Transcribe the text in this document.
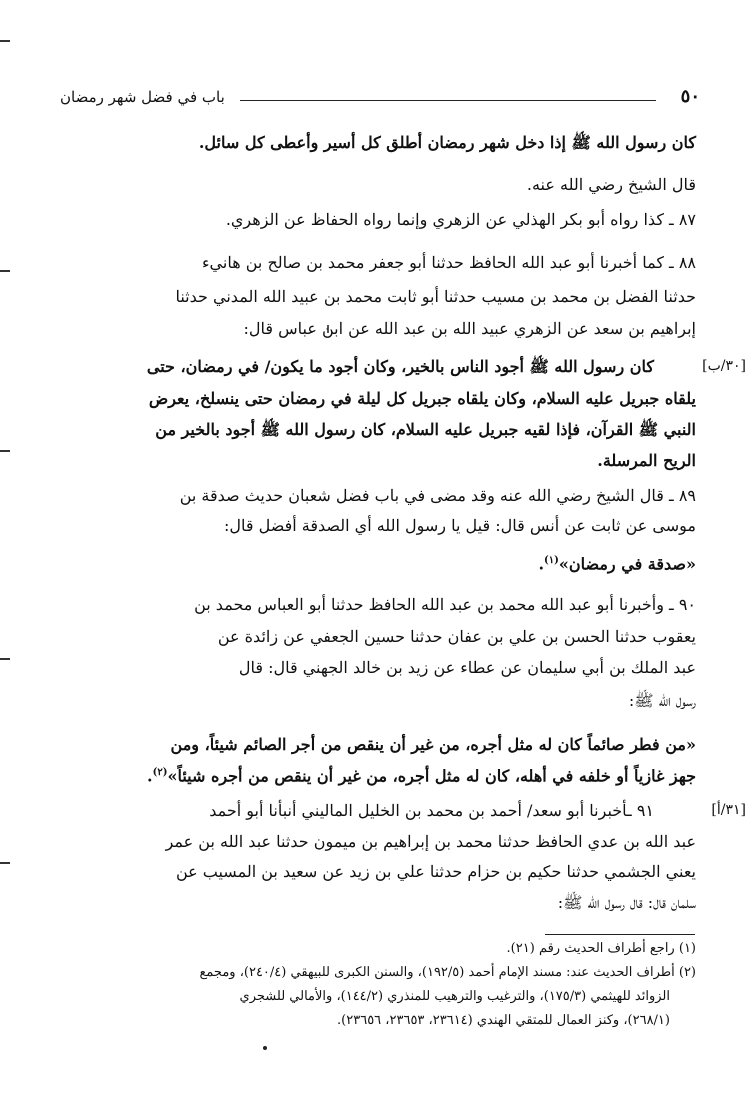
باب في فضل شهر رمضان	٥٠
كان رسول الله ﷺ إذا دخل شهر رمضان أطلق كل أسير وأعطى كل سائل.
قال الشيخ رضي الله عنه.
٨٧ ـ كذا رواه أبو بكر الهذلي عن الزهري وإنما رواه الحفاظ عن الزهري.
٨٨ ـ كما أخبرنا أبو عبد الله الحافظ حدثنا أبو جعفر محمد بن صالح بن هانيء
حدثنا الفضل بن محمد بن مسيب حدثنا أبو ثابت محمد بن عبيد الله المدني حدثنا
إبراهيم بن سعد عن الزهري عبيد الله بن عبد الله عن ابن عباس قال:
[٣٠/ب]
كان رسول الله ﷺ أجود الناس بالخير، وكان أجود ما يكون/ في رمضان، حتى
يلقاه جبريل عليه السلام، وكان يلقاه جبريل كل ليلة في رمضان حتى ينسلخ، يعرض
النبي ﷺ القرآن، فإذا لقيه جبريل عليه السلام، كان رسول الله ﷺ أجود بالخير من
الريح المرسلة.
٨٩ ـ قال الشيخ رضي الله عنه وقد مضى في باب فضل شعبان حديث صدقة بن
موسى عن ثابت عن أنس قال: قيل يا رسول الله أي الصدقة أفضل قال:
«صدقة في رمضان»$^{(١)}$.
٩٠ ـ وأخبرنا أبو عبد الله محمد بن عبد الله الحافظ حدثنا أبو العباس محمد بن
يعقوب حدثنا الحسن بن علي بن عفان حدثنا حسين الجعفي عن زائدة عن
عبد الملك بن أبي سليمان عن عطاء عن زيد بن خالد الجهني قال: قال
رسول الله ﷺ:
«من فطر صائماً كان له مثل أجره، من غير أن ينقص من أجر الصائم شيئاً، ومن
جهز غازياً أو خلفه في أهله، كان له مثل أجره، من غير أن ينقص من أجره شيئاً»$^{(٢)}$.
[٣١/أ]
٩١ ـأخبرنا أبو سعد/ أحمد بن محمد بن الخليل الماليني أنبأنا أبو أحمد
عبد الله بن عدي الحافظ حدثنا محمد بن إبراهيم بن ميمون حدثنا عبد الله بن عمر
يعني الجشمي حدثنا حكيم بن حزام حدثنا علي بن زيد عن سعيد بن المسيب عن
سلمان قال: قال رسول الله ﷺ:
(١) راجع أطراف الحديث رقم (٢١).
(٢) أطراف الحديث عند: مسند الإمام أحمد (١٩٢/٥)، والسنن الكبرى للبيهقي (٢٤٠/٤)، ومجمع
الزوائد للهيثمي (١٧٥/٣)، والترغيب والترهيب للمنذري (١٤٤/٢)، والأمالي للشجري
(٢٦٨/١)، وكنز العمال للمتقي الهندي (٢٣٦١٤، ٢٣٦٥٣، ٢٣٦٥٦).
